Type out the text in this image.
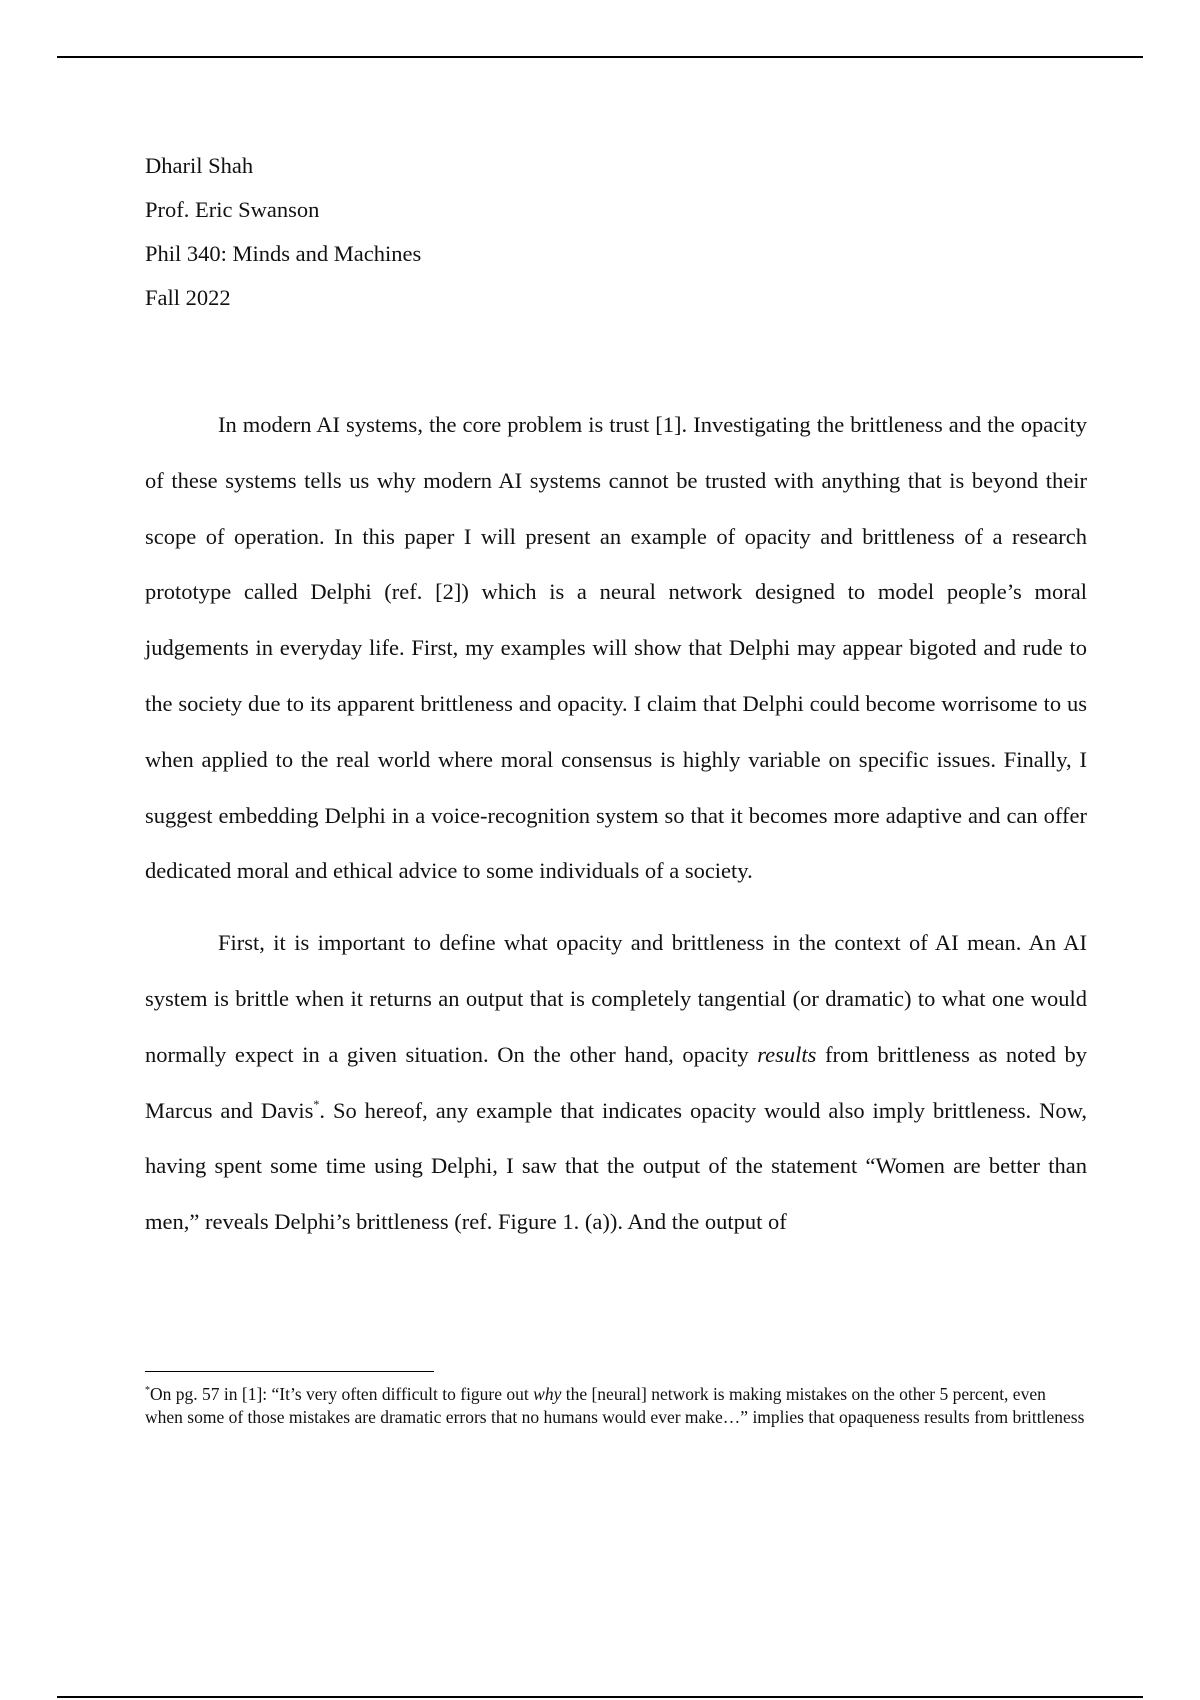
Dharil Shah
Prof. Eric Swanson
Phil 340: Minds and Machines
Fall 2022

In modern AI systems, the core problem is trust [1]. Investigating the brittleness and the opacity of these systems tells us why modern AI systems cannot be trusted with anything that is beyond their scope of operation. In this paper I will present an example of opacity and brittleness of a research prototype called Delphi (ref. [2]) which is a neural network designed to model people’s moral judgements in everyday life. First, my examples will show that Delphi may appear bigoted and rude to the society due to its apparent brittleness and opacity. I claim that Delphi could become worrisome to us when applied to the real world where moral consensus is highly variable on specific issues. Finally, I suggest embedding Delphi in a voice-recognition system so that it becomes more adaptive and can offer dedicated moral and ethical advice to some individuals of a society.

First, it is important to define what opacity and brittleness in the context of AI mean. An AI system is brittle when it returns an output that is completely tangential (or dramatic) to what one would normally expect in a given situation. On the other hand, opacity results from brittleness as noted by Marcus and Davis*. So hereof, any example that indicates opacity would also imply brittleness. Now, having spent some time using Delphi, I saw that the output of the statement “Women are better than men,” reveals Delphi’s brittleness (ref. Figure 1. (a)). And the output of

*On pg. 57 in [1]: “It’s very often difficult to figure out why the [neural] network is making mistakes on the other 5 percent, even when some of those mistakes are dramatic errors that no humans would ever make…” implies that opaqueness results from brittleness
